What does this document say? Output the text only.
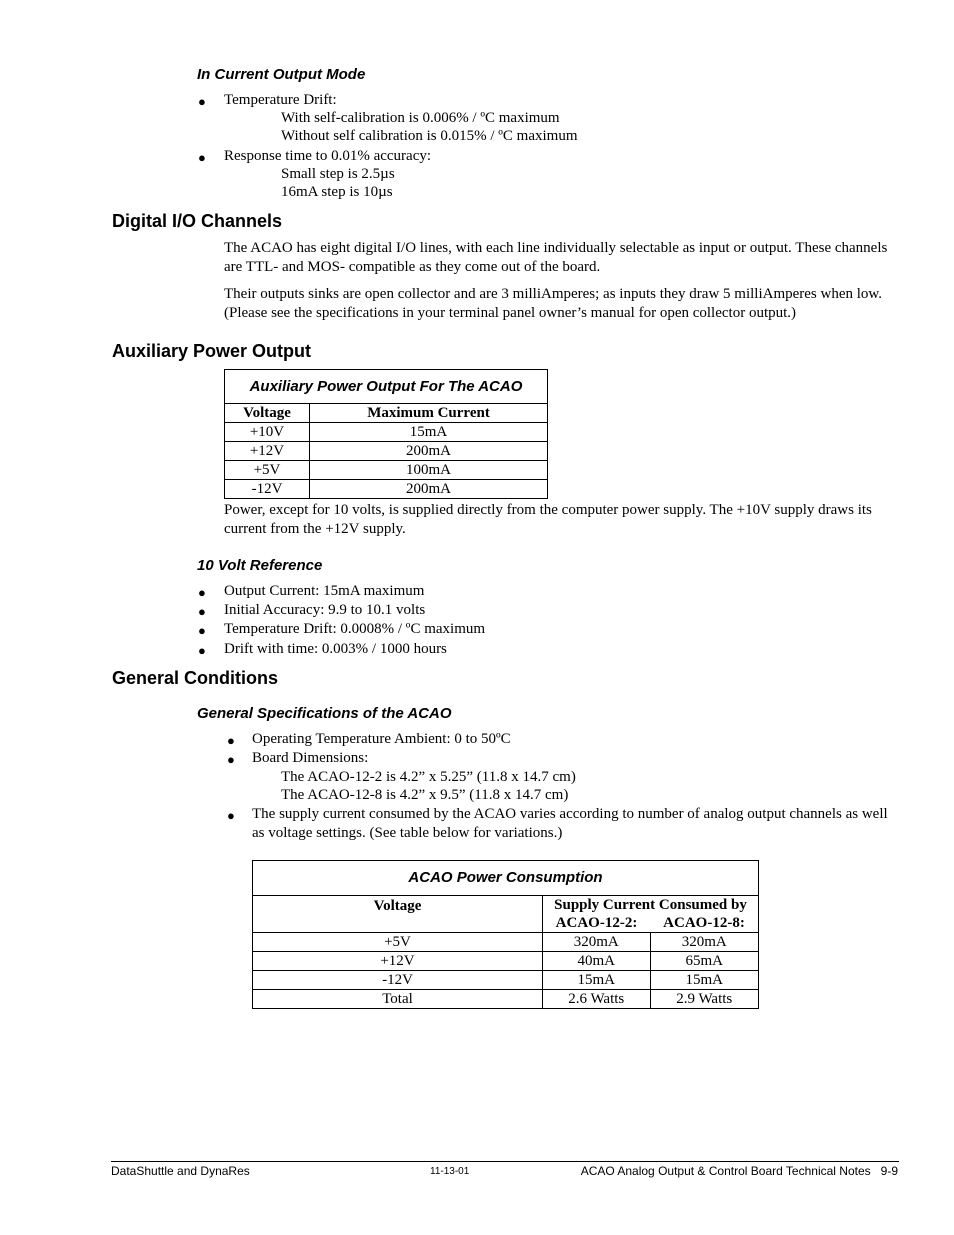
In Current Output Mode
● Temperature Drift:
With self-calibration is 0.006% / ºC maximum
Without self calibration is 0.015% / ºC maximum
● Response time to 0.01% accuracy:
Small step is 2.5µs
16mA step is 10µs
Digital I/O Channels
The ACAO has eight digital I/O lines, with each line individually selectable as input or output. These channels are TTL- and MOS- compatible as they come out of the board.
Their outputs sinks are open collector and are 3 milliAmperes; as inputs they draw 5 milliAmperes when low. (Please see the specifications in your terminal panel owner’s manual for open collector output.)
Auxiliary Power Output
Auxiliary Power Output For The ACAO	
Voltage	Maximum Current
+10V	15mA
+12V	200mA
+5V	100mA
-12V	200mA
Power, except for 10 volts, is supplied directly from the computer power supply. The +10V supply draws its current from the +12V supply.
10 Volt Reference
● Output Current: 15mA maximum
● Initial Accuracy: 9.9 to 10.1 volts
● Temperature Drift: 0.0008% / ºC maximum
● Drift with time: 0.003% / 1000 hours
General Conditions
General Specifications of the ACAO
● Operating Temperature Ambient: 0 to 50ºC
● Board Dimensions:
The ACAO-12-2 is 4.2” x 5.25” (11.8 x 14.7 cm)
The ACAO-12-8 is 4.2” x 9.5” (11.8 x 14.7 cm)
● The supply current consumed by the ACAO varies according to number of analog output channels as well as voltage settings. (See table below for variations.)
ACAO Power Consumption		
Voltage	Supply Current Consumed by	
	ACAO-12-2:	ACAO-12-8:
+5V	320mA	320mA
+12V	40mA	65mA
-12V	15mA	15mA
Total	2.6 Watts	2.9 Watts
DataShuttle and DynaRes	11-13-01	ACAO Analog Output & Control Board Technical Notes 9-9
